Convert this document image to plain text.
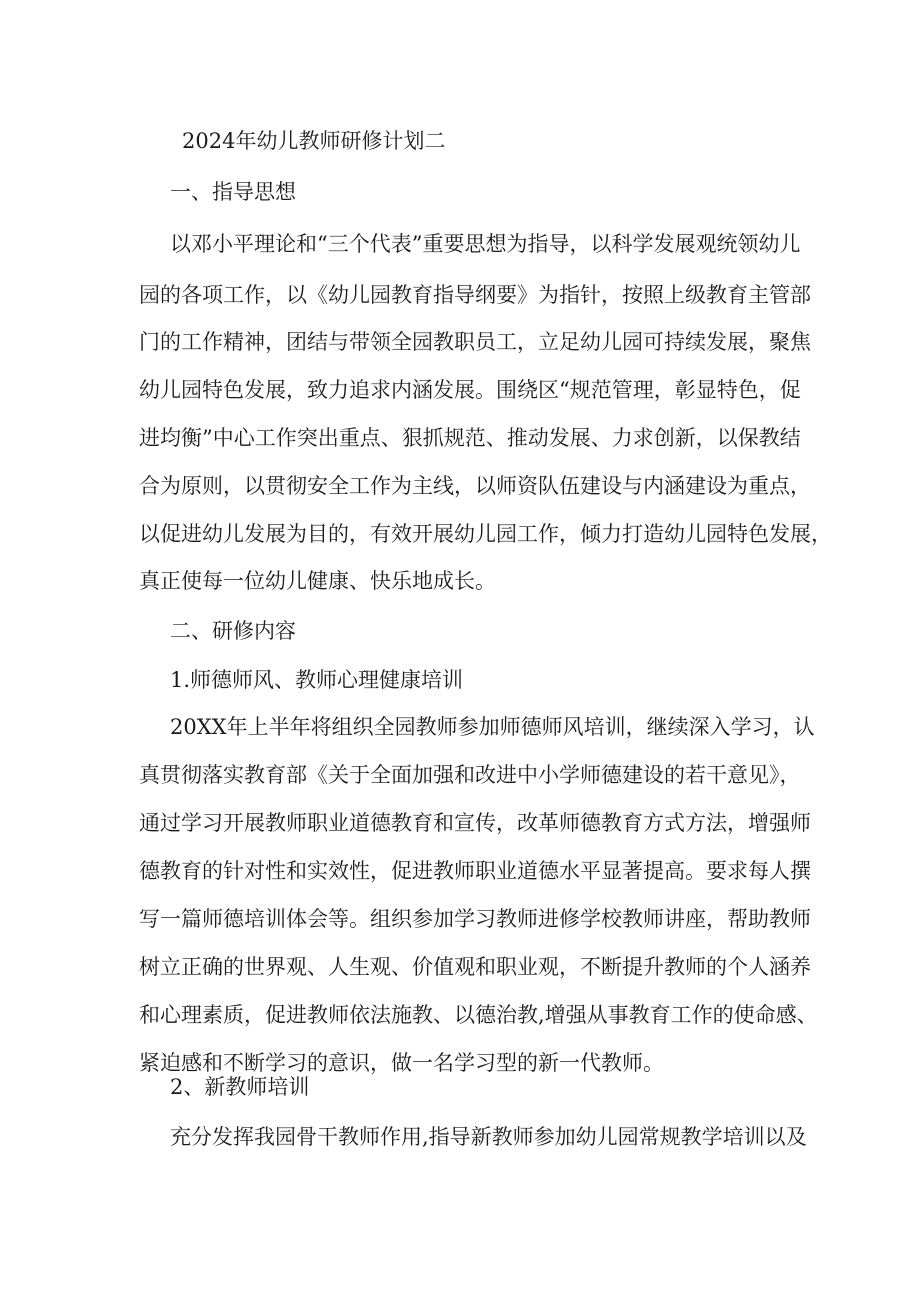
2024年幼儿教师研修计划二

一、指导思想

以邓小平理论和“三个代表”重要思想为指导，以科学发展观统领幼儿

园的各项工作，以《幼儿园教育指导纲要》为指针，按照上级教育主管部

门的工作精神，团结与带领全园教职员工，立足幼儿园可持续发展，聚焦

幼儿园特色发展，致力追求内涵发展。围绕区“规范管理，彰显特色，促

进均衡”中心工作突出重点、狠抓规范、推动发展、力求创新，以保教结

合为原则，以贯彻安全工作为主线，以师资队伍建设与内涵建设为重点，

以促进幼儿发展为目的，有效开展幼儿园工作，倾力打造幼儿园特色发展，

真正使每一位幼儿健康、快乐地成长。

二、研修内容

1.师德师风、教师心理健康培训

20XX年上半年将组织全园教师参加师德师风培训，继续深入学习，认

真贯彻落实教育部《关于全面加强和改进中小学师德建设的若干意见》，

通过学习开展教师职业道德教育和宣传，改革师德教育方式方法，增强师

德教育的针对性和实效性，促进教师职业道德水平显著提高。要求每人撰

写一篇师德培训体会等。组织参加学习教师进修学校教师讲座，帮助教师

树立正确的世界观、人生观、价值观和职业观，不断提升教师的个人涵养

和心理素质，促进教师依法施教、以德治教,增强从事教育工作的使命感、

紧迫感和不断学习的意识，做一名学习型的新一代教师。

2、新教师培训

充分发挥我园骨干教师作用,指导新教师参加幼儿园常规教学培训以及
